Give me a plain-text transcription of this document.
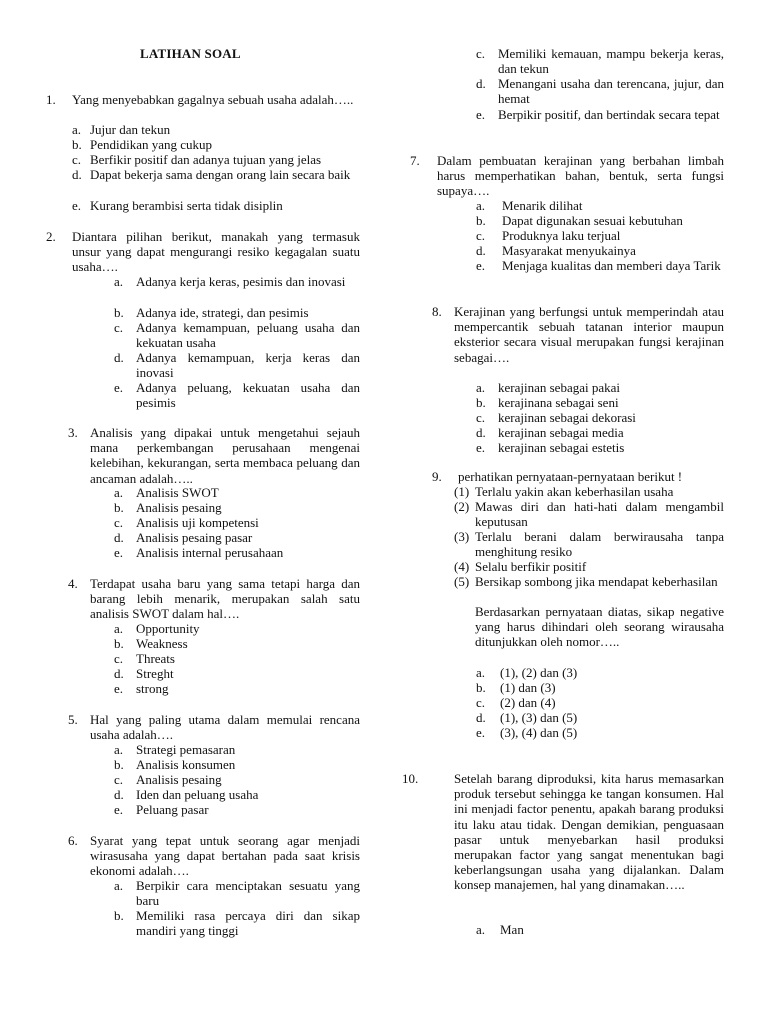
LATIHAN SOAL
1. Yang menyebabkan gagalnya sebuah usaha adalah…..
a. Jujur dan tekun
b. Pendidikan yang cukup
c. Berfikir positif dan adanya tujuan yang jelas
d. Dapat bekerja sama dengan orang lain secara baik
e. Kurang berambisi serta tidak disiplin
2. Diantara pilihan berikut, manakah yang termasuk unsur yang dapat mengurangi resiko kegagalan suatu usaha….
a. Adanya kerja keras, pesimis dan inovasi
b. Adanya ide, strategi, dan pesimis
c. Adanya kemampuan, peluang usaha dan kekuatan usaha
d. Adanya kemampuan, kerja keras dan inovasi
e. Adanya peluang, kekuatan usaha dan pesimis
3. Analisis yang dipakai untuk mengetahui sejauh mana perkembangan perusahaan mengenai kelebihan, kekurangan, serta membaca peluang dan ancaman adalah…..
a. Analisis SWOT
b. Analisis pesaing
c. Analisis uji kompetensi
d. Analisis pesaing pasar
e. Analisis internal perusahaan
4. Terdapat usaha baru yang sama tetapi harga dan barang lebih menarik, merupakan salah satu analisis SWOT dalam hal….
a. Opportunity
b. Weakness
c. Threats
d. Streght
e. strong
5. Hal yang paling utama dalam memulai rencana usaha adalah….
a. Strategi pemasaran
b. Analisis konsumen
c. Analisis pesaing
d. Iden dan peluang usaha
e. Peluang pasar
6. Syarat yang tepat untuk seorang agar menjadi wirasusaha yang dapat bertahan pada saat krisis ekonomi adalah….
a. Berpikir cara menciptakan sesuatu yang baru
b. Memiliki rasa percaya diri dan sikap mandiri yang tinggi
c. Memiliki kemauan, mampu bekerja keras, dan tekun
d. Menangani usaha dan terencana, jujur, dan hemat
e. Berpikir positif, dan bertindak secara tepat
7. Dalam pembuatan kerajinan yang berbahan limbah harus memperhatikan bahan, bentuk, serta fungsi supaya….
a. Menarik dilihat
b. Dapat digunakan sesuai kebutuhan
c. Produknya laku terjual
d. Masyarakat menyukainya
e. Menjaga kualitas dan memberi daya Tarik
8. Kerajinan yang berfungsi untuk memperindah atau mempercantik sebuah tatanan interior maupun eksterior secara visual merupakan fungsi kerajinan sebagai….
a. kerajinan sebagai pakai
b. kerajinana sebagai seni
c. kerajinan sebagai dekorasi
d. kerajinan sebagai media
e. kerajinan sebagai estetis
9. perhatikan pernyataan-pernyataan berikut !
(1) Terlalu yakin akan keberhasilan usaha
(2) Mawas diri dan hati-hati dalam mengambil keputusan
(3) Terlalu berani dalam berwirausaha tanpa menghitung resiko
(4) Selalu berfikir positif
(5) Bersikap sombong jika mendapat keberhasilan
Berdasarkan pernyataan diatas, sikap negative yang harus dihindari oleh seorang wirausaha ditunjukkan oleh nomor…..
a. (1), (2) dan (3)
b. (1) dan (3)
c. (2) dan (4)
d. (1), (3) dan (5)
e. (3), (4) dan (5)
10.	Setelah barang diproduksi, kita harus memasarkan produk tersebut sehingga ke tangan konsumen. Hal ini menjadi factor penentu, apakah barang produksi itu laku atau tidak. Dengan demikian, penguasaan pasar untuk menyebarkan hasil produksi merupakan factor yang sangat menentukan bagi keberlangsungan usaha yang dijalankan. Dalam konsep manajemen, hal yang dinamakan…..
a. Man
